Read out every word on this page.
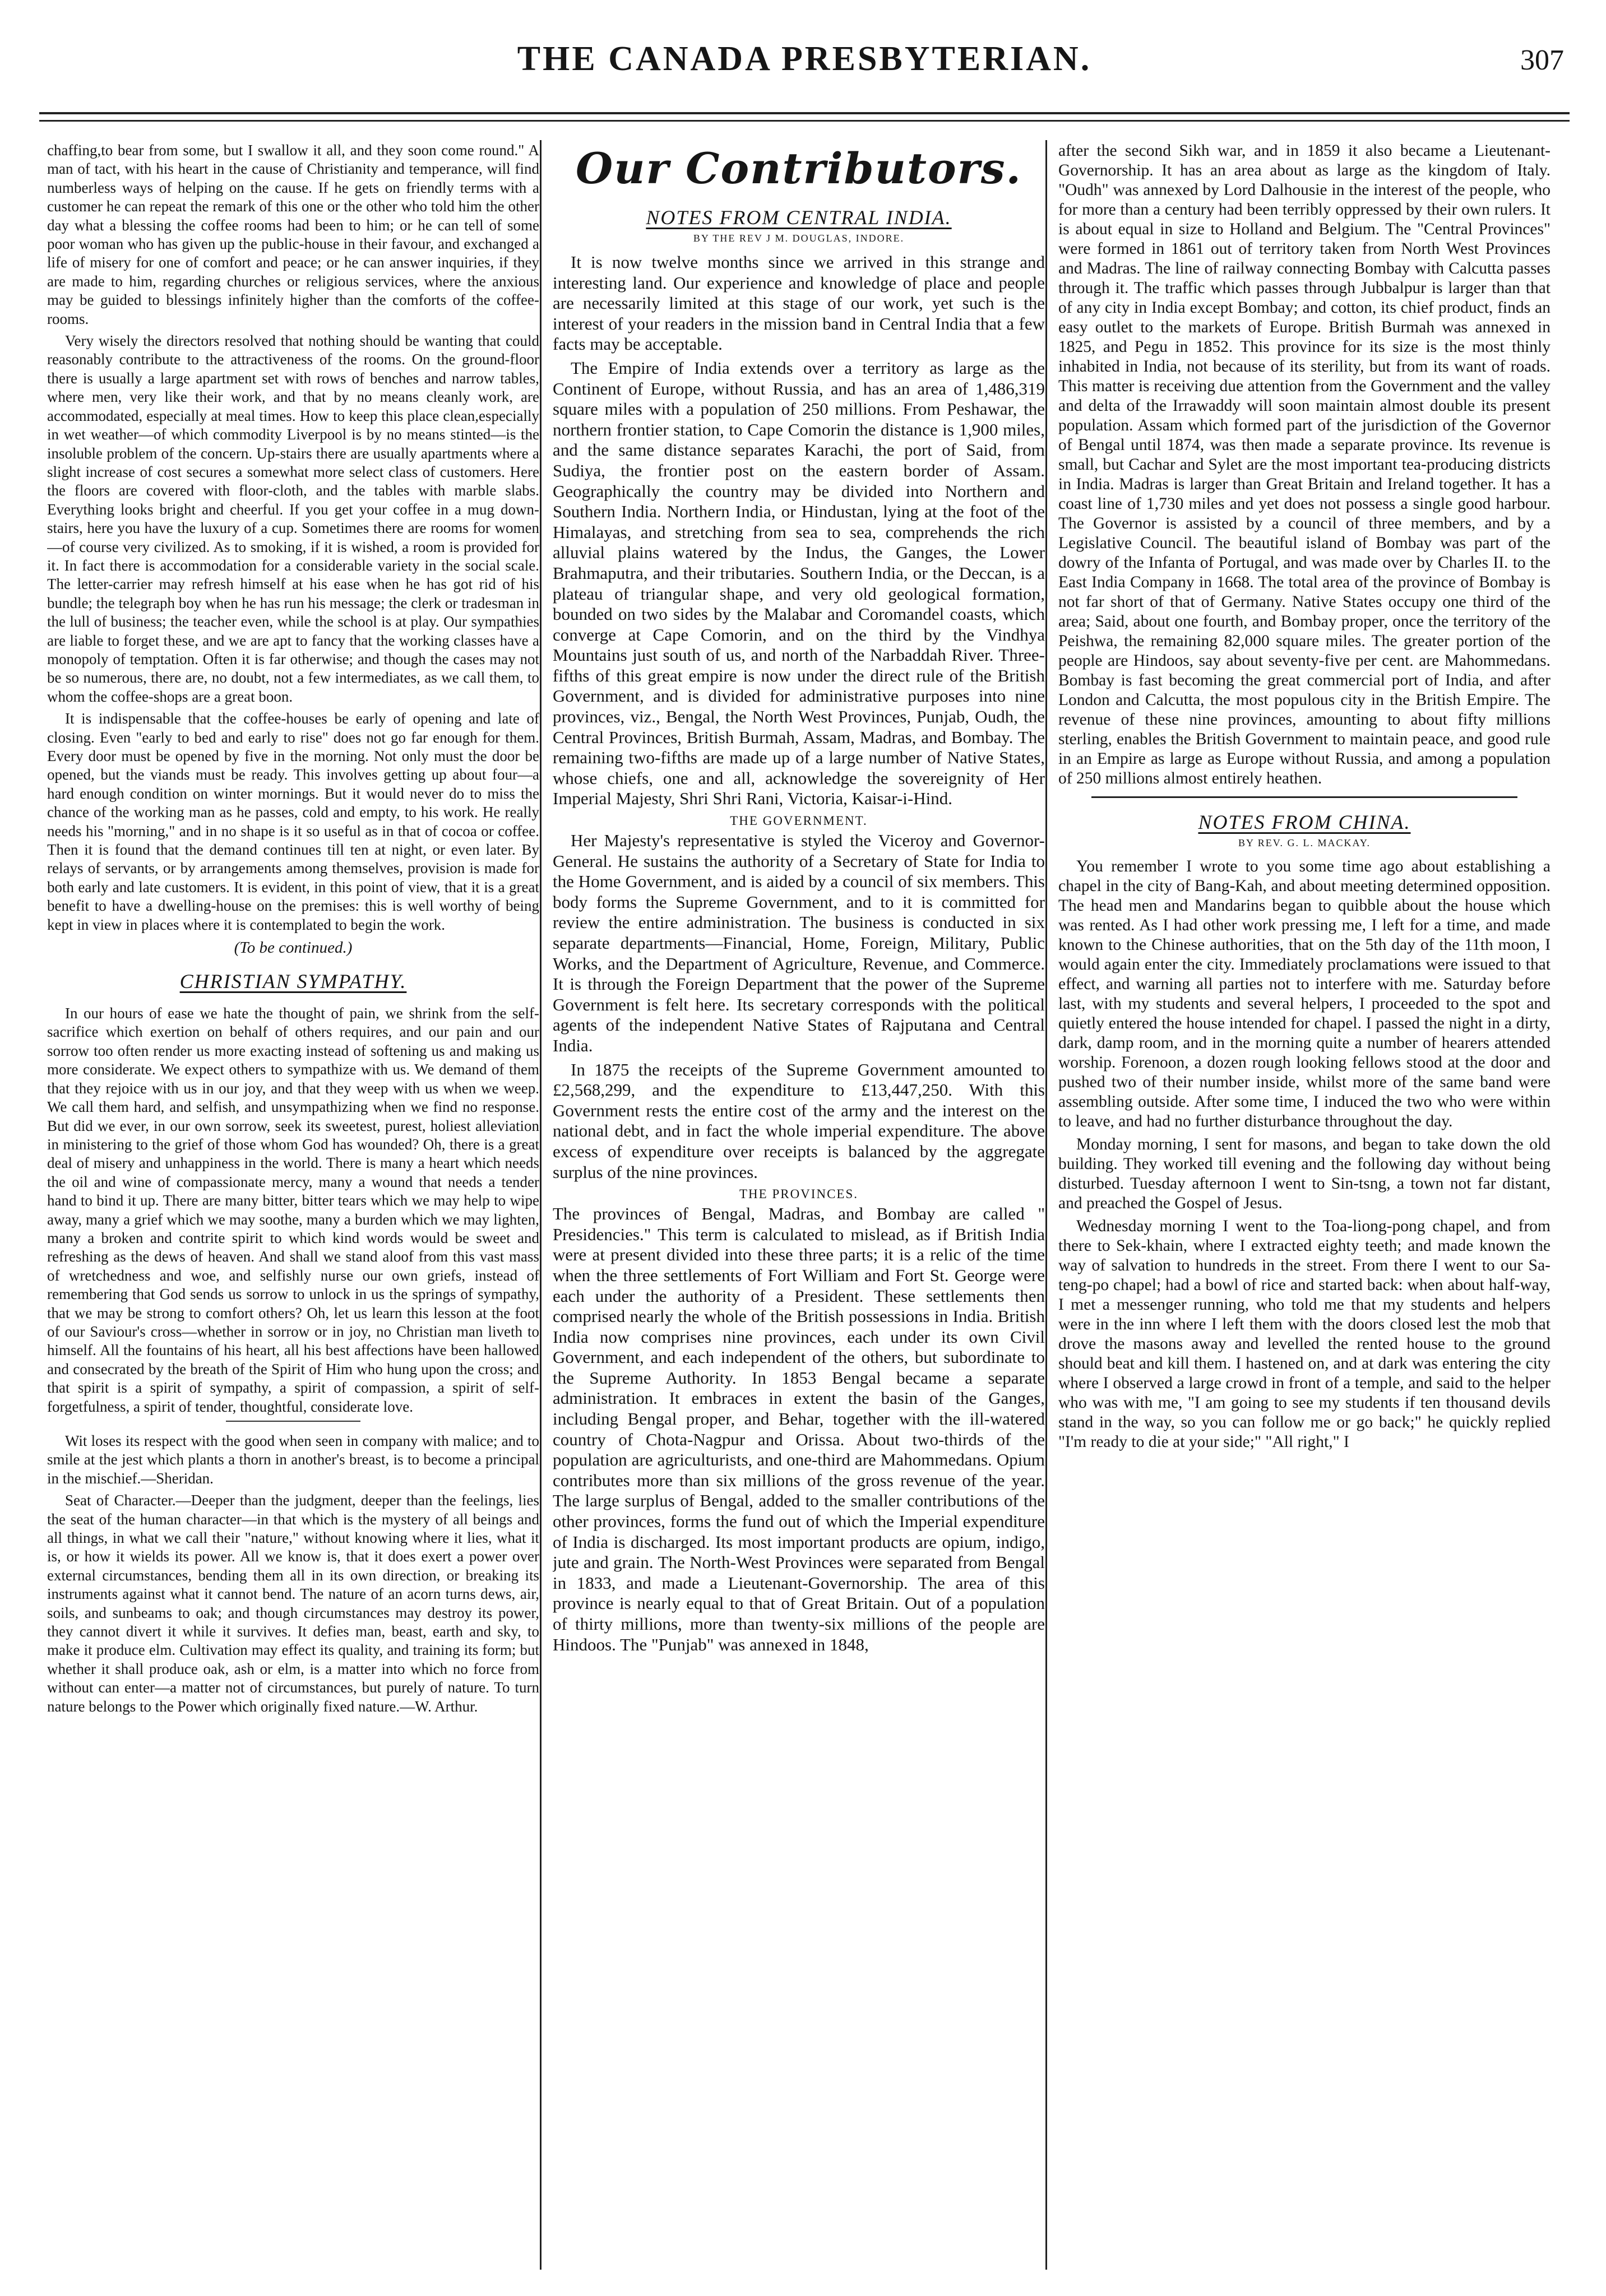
THE CANADA PRESBYTERIAN.	307

chaffing,to bear from some, but I swallow it all, and they soon come round." A man of tact, with his heart in the cause of Christianity and temperance, will find numberless ways of helping on the cause. If he gets on friendly terms with a customer he can repeat the remark of this one or the other who told him the other day what a blessing the coffee rooms had been to him; or he can tell of some poor woman who has given up the public-house in their favour, and exchanged a life of misery for one of comfort and peace; or he can answer inquiries, if they are made to him, regarding churches or religious services, where the anxious may be guided to blessings infinitely higher than the comforts of the coffee-rooms.

Very wisely the directors resolved that nothing should be wanting that could reasonably contribute to the attractiveness of the rooms. On the ground-floor there is usually a large apartment set with rows of benches and narrow tables, where men, very like their work, and that by no means cleanly work, are accommodated, especially at meal times. How to keep this place clean,especially in wet weather—of which commodity Liverpool is by no means stinted—is the insoluble problem of the concern. Up-stairs there are usually apartments where a slight increase of cost secures a somewhat more select class of customers. Here the floors are covered with floor-cloth, and the tables with marble slabs. Everything looks bright and cheerful. If you get your coffee in a mug down-stairs, here you have the luxury of a cup. Sometimes there are rooms for women—of course very civilized. As to smoking, if it is wished, a room is provided for it. In fact there is accommodation for a considerable variety in the social scale. The letter-carrier may refresh himself at his ease when he has got rid of his bundle; the telegraph boy when he has run his message; the clerk or tradesman in the lull of business; the teacher even, while the school is at play. Our sympathies are liable to forget these, and we are apt to fancy that the working classes have a monopoly of temptation. Often it is far otherwise; and though the cases may not be so numerous, there are, no doubt, not a few intermediates, as we call them, to whom the coffee-shops are a great boon.

It is indispensable that the coffee-houses be early of opening and late of closing. Even "early to bed and early to rise" does not go far enough for them. Every door must be opened by five in the morning. Not only must the door be opened, but the viands must be ready. This involves getting up about four—a hard enough condition on winter mornings. But it would never do to miss the chance of the working man as he passes, cold and empty, to his work. He really needs his "morning," and in no shape is it so useful as in that of cocoa or coffee. Then it is found that the demand continues till ten at night, or even later. By relays of servants, or by arrangements among themselves, provision is made for both early and late customers. It is evident, in this point of view, that it is a great benefit to have a dwelling-house on the premises: this is well worthy of being kept in view in places where it is contemplated to begin the work.

(To be continued.)
CHRISTIAN SYMPATHY.

In our hours of ease we hate the thought of pain, we shrink from the self-sacrifice which exertion on behalf of others requires, and our pain and our sorrow too often render us more exacting instead of softening us and making us more considerate. We expect others to sympathize with us. We demand of them that they rejoice with us in our joy, and that they weep with us when we weep. We call them hard, and selfish, and unsympathizing when we find no response. But did we ever, in our own sorrow, seek its sweetest, purest, holiest alleviation in ministering to the grief of those whom God has wounded? Oh, there is a great deal of misery and unhappiness in the world. There is many a heart which needs the oil and wine of compassionate mercy, many a wound that needs a tender hand to bind it up. There are many bitter, bitter tears which we may help to wipe away, many a grief which we may soothe, many a burden which we may lighten, many a broken and contrite spirit to which kind words would be sweet and refreshing as the dews of heaven. And shall we stand aloof from this vast mass of wretchedness and woe, and selfishly nurse our own griefs, instead of remembering that God sends us sorrow to unlock in us the springs of sympathy, that we may be strong to comfort others? Oh, let us learn this lesson at the foot of our Saviour's cross—whether in sorrow or in joy, no Christian man liveth to himself. All the fountains of his heart, all his best affections have been hallowed and consecrated by the breath of the Spirit of Him who hung upon the cross; and that spirit is a spirit of sympathy, a spirit of compassion, a spirit of self-forgetfulness, a spirit of tender, thoughtful, considerate love.

Wit loses its respect with the good when seen in company with malice; and to smile at the jest which plants a thorn in another's breast, is to become a principal in the mischief.—Sheridan.

Seat of Character.—Deeper than the judgment, deeper than the feelings, lies the seat of the human character—in that which is the mystery of all beings and all things, in what we call their "nature," without knowing where it lies, what it is, or how it wields its power. All we know is, that it does exert a power over external circumstances, bending them all in its own direction, or breaking its instruments against what it cannot bend. The nature of an acorn turns dews, air, soils, and sunbeams to oak; and though circumstances may destroy its power, they cannot divert it while it survives. It defies man, beast, earth and sky, to make it produce elm. Cultivation may effect its quality, and training its form; but whether it shall produce oak, ash or elm, is a matter into which no force from without can enter—a matter not of circumstances, but purely of nature. To turn nature belongs to the Power which originally fixed nature.—W. Arthur.

Our Contributors.
NOTES FROM CENTRAL INDIA.
BY THE REV J M. DOUGLAS, INDORE.

It is now twelve months since we arrived in this strange and interesting land. Our experience and knowledge of place and people are necessarily limited at this stage of our work, yet such is the interest of your readers in the mission band in Central India that a few facts may be acceptable.

The Empire of India extends over a territory as large as the Continent of Europe, without Russia, and has an area of 1,486,319 square miles with a population of 250 millions. From Peshawar, the northern frontier station, to Cape Comorin the distance is 1,900 miles, and the same distance separates Karachi, the port of Said, from Sudiya, the frontier post on the eastern border of Assam. Geographically the country may be divided into Northern and Southern India. Northern India, or Hindustan, lying at the foot of the Himalayas, and stretching from sea to sea, comprehends the rich alluvial plains watered by the Indus, the Ganges, the Lower Brahmaputra, and their tributaries. Southern India, or the Deccan, is a plateau of triangular shape, and very old geological formation, bounded on two sides by the Malabar and Coromandel coasts, which converge at Cape Comorin, and on the third by the Vindhya Mountains just south of us, and north of the Narbaddah River. Three-fifths of this great empire is now under the direct rule of the British Government, and is divided for administrative purposes into nine provinces, viz., Bengal, the North West Provinces, Punjab, Oudh, the Central Provinces, British Burmah, Assam, Madras, and Bombay. The remaining two-fifths are made up of a large number of Native States, whose chiefs, one and all, acknowledge the sovereignity of Her Imperial Majesty, Shri Shri Rani, Victoria, Kaisar-i-Hind.

THE GOVERNMENT.

Her Majesty's representative is styled the Viceroy and Governor-General. He sustains the authority of a Secretary of State for India to the Home Government, and is aided by a council of six members. This body forms the Supreme Government, and to it is committed for review the entire administration. The business is conducted in six separate departments—Financial, Home, Foreign, Military, Public Works, and the Department of Agriculture, Revenue, and Commerce. It is through the Foreign Department that the power of the Supreme Government is felt here. Its secretary corresponds with the political agents of the independent Native States of Rajputana and Central India.

In 1875 the receipts of the Supreme Government amounted to £2,568,299, and the expenditure to £13,447,250. With this Government rests the entire cost of the army and the interest on the national debt, and in fact the whole imperial expenditure. The above excess of expenditure over receipts is balanced by the aggregate surplus of the nine provinces.

THE PROVINCES.

The provinces of Bengal, Madras, and Bombay are called " Presidencies." This term is calculated to mislead, as if British India were at present divided into these three parts; it is a relic of the time when the three settlements of Fort William and Fort St. George were each under the authority of a President. These settlements then comprised nearly the whole of the British possessions in India. British India now comprises nine provinces, each under its own Civil Government, and each independent of the others, but subordinate to the Supreme Authority. In 1853 Bengal became a separate administration. It embraces in extent the basin of the Ganges, including Bengal proper, and Behar, together with the ill-watered country of Chota-Nagpur and Orissa. About two-thirds of the population are agriculturists, and one-third are Mahommedans. Opium contributes more than six millions of the gross revenue of the year. The large surplus of Bengal, added to the smaller contributions of the other provinces, forms the fund out of which the Imperial expenditure of India is discharged. Its most important products are opium, indigo, jute and grain. The North-West Provinces were separated from Bengal in 1833, and made a Lieutenant-Governorship. The area of this province is nearly equal to that of Great Britain. Out of a population of thirty millions, more than twenty-six millions of the people are Hindoos. The "Punjab" was annexed in 1848,

after the second Sikh war, and in 1859 it also became a Lieutenant-Governorship. It has an area about as large as the kingdom of Italy. "Oudh" was annexed by Lord Dalhousie in the interest of the people, who for more than a century had been terribly oppressed by their own rulers. It is about equal in size to Holland and Belgium. The "Central Provinces" were formed in 1861 out of territory taken from North West Provinces and Madras. The line of railway connecting Bombay with Calcutta passes through it. The traffic which passes through Jubbalpur is larger than that of any city in India except Bombay; and cotton, its chief product, finds an easy outlet to the markets of Europe. British Burmah was annexed in 1825, and Pegu in 1852. This province for its size is the most thinly inhabited in India, not because of its sterility, but from its want of roads. This matter is receiving due attention from the Government and the valley and delta of the Irrawaddy will soon maintain almost double its present population. Assam which formed part of the jurisdiction of the Governor of Bengal until 1874, was then made a separate province. Its revenue is small, but Cachar and Sylet are the most important tea-producing districts in India. Madras is larger than Great Britain and Ireland together. It has a coast line of 1,730 miles and yet does not possess a single good harbour. The Governor is assisted by a council of three members, and by a Legislative Council. The beautiful island of Bombay was part of the dowry of the Infanta of Portugal, and was made over by Charles II. to the East India Company in 1668. The total area of the province of Bombay is not far short of that of Germany. Native States occupy one third of the area; Said, about one fourth, and Bombay proper, once the territory of the Peishwa, the remaining 82,000 square miles. The greater portion of the people are Hindoos, say about seventy-five per cent. are Mahommedans. Bombay is fast becoming the great commercial port of India, and after London and Calcutta, the most populous city in the British Empire. The revenue of these nine provinces, amounting to about fifty millions sterling, enables the British Government to maintain peace, and good rule in an Empire as large as Europe without Russia, and among a population of 250 millions almost entirely heathen.

NOTES FROM CHINA.
BY REV. G. L. MACKAY.

You remember I wrote to you some time ago about establishing a chapel in the city of Bang-Kah, and about meeting determined opposition. The head men and Mandarins began to quibble about the house which was rented. As I had other work pressing me, I left for a time, and made known to the Chinese authorities, that on the 5th day of the 11th moon, I would again enter the city. Immediately proclamations were issued to that effect, and warning all parties not to interfere with me. Saturday before last, with my students and several helpers, I proceeded to the spot and quietly entered the house intended for chapel. I passed the night in a dirty, dark, damp room, and in the morning quite a number of hearers attended worship. Forenoon, a dozen rough looking fellows stood at the door and pushed two of their number inside, whilst more of the same band were assembling outside. After some time, I induced the two who were within to leave, and had no further disturbance throughout the day.

Monday morning, I sent for masons, and began to take down the old building. They worked till evening and the following day without being disturbed. Tuesday afternoon I went to Sin-tsng, a town not far distant, and preached the Gospel of Jesus.

Wednesday morning I went to the Toa-liong-pong chapel, and from there to Sek-khain, where I extracted eighty teeth; and made known the way of salvation to hundreds in the street. From there I went to our Sa-teng-po chapel; had a bowl of rice and started back: when about half-way, I met a messenger running, who told me that my students and helpers were in the inn where I left them with the doors closed lest the mob that drove the masons away and levelled the rented house to the ground should beat and kill them. I hastened on, and at dark was entering the city where I observed a large crowd in front of a temple, and said to the helper who was with me, "I am going to see my students if ten thousand devils stand in the way, so you can follow me or go back;" he quickly replied "I'm ready to die at your side;" "All right," I
